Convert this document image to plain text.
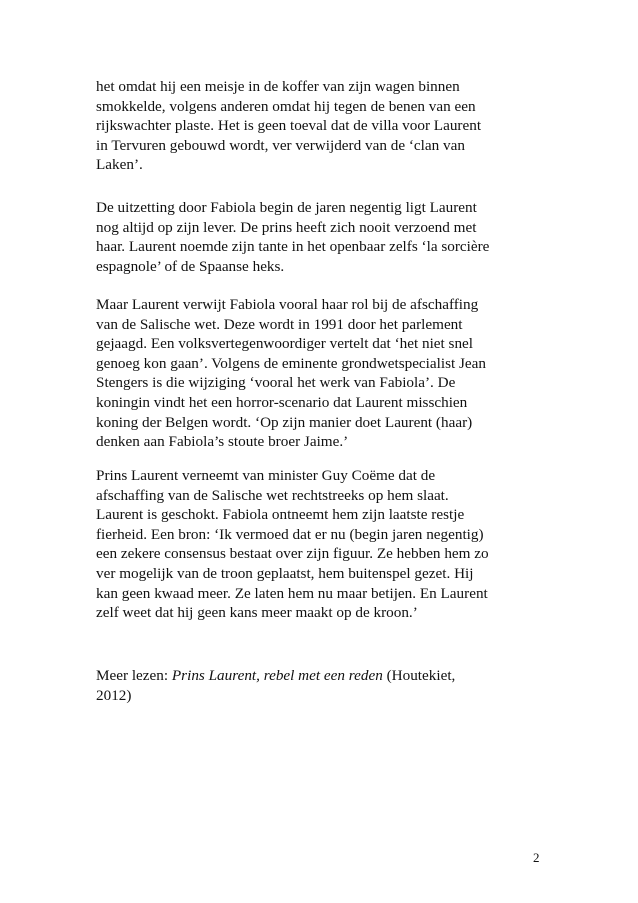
het omdat hij een meisje in de koffer van zijn wagen binnen
smokkelde, volgens anderen omdat hij tegen de benen van een
rijkswachter plaste. Het is geen toeval dat de villa voor Laurent
in Tervuren gebouwd wordt, ver verwijderd van de ‘clan van
Laken’.
De uitzetting door Fabiola begin de jaren negentig ligt Laurent
nog altijd op zijn lever. De prins heeft zich nooit verzoend met
haar. Laurent noemde zijn tante in het openbaar zelfs ‘la sorcière
espagnole’ of de Spaanse heks.
Maar Laurent verwijt Fabiola vooral haar rol bij de afschaffing
van de Salische wet. Deze wordt in 1991 door het parlement
gejaagd. Een volksvertegenwoordiger vertelt dat ‘het niet snel
genoeg kon gaan’. Volgens de eminente grondwetspecialist Jean
Stengers is die wijziging ‘vooral het werk van Fabiola’. De
koningin vindt het een horror-scenario dat Laurent misschien
koning der Belgen wordt. ‘Op zijn manier doet Laurent (haar)
denken aan Fabiola’s stoute broer Jaime.’
Prins Laurent verneemt van minister Guy Coëme dat de
afschaffing van de Salische wet rechtstreeks op hem slaat.
Laurent is geschokt. Fabiola ontneemt hem zijn laatste restje
fierheid. Een bron: ‘Ik vermoed dat er nu (begin jaren negentig)
een zekere consensus bestaat over zijn figuur. Ze hebben hem zo
ver mogelijk van de troon geplaatst, hem buitenspel gezet. Hij
kan geen kwaad meer. Ze laten hem nu maar betijen. En Laurent
zelf weet dat hij geen kans meer maakt op de kroon.’
Meer lezen: Prins Laurent, rebel met een reden (Houtekiet,
2012)
2
